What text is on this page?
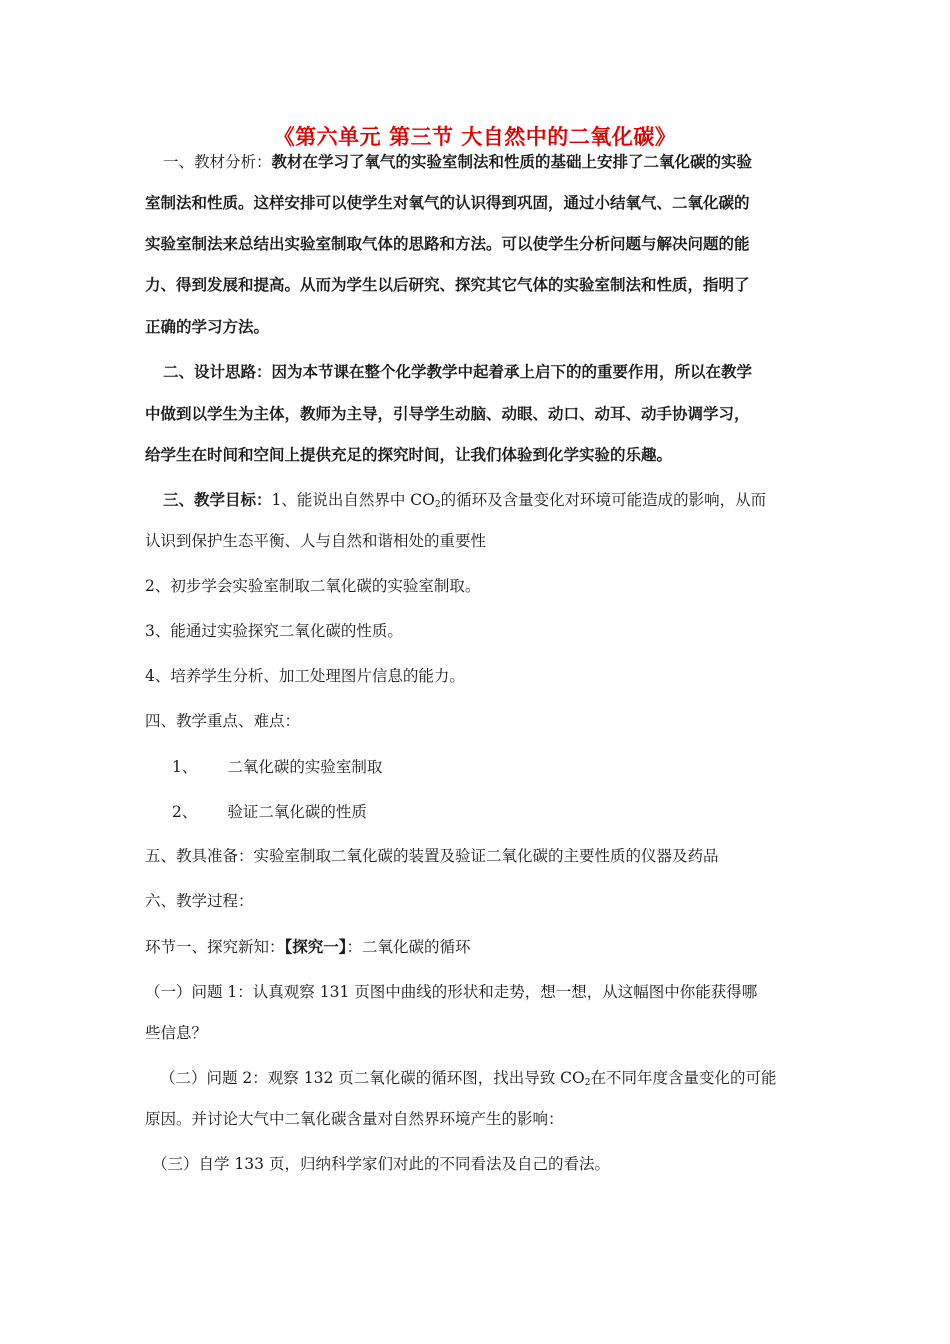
《第六单元 第三节 大自然中的二氧化碳》
一、教材分析：教材在学习了氧气的实验室制法和性质的基础上安排了二氧化碳的实验
室制法和性质。这样安排可以使学生对氧气的认识得到巩固，通过小结氧气、二氧化碳的
实验室制法来总结出实验室制取气体的思路和方法。可以使学生分析问题与解决问题的能
力、得到发展和提高。从而为学生以后研究、探究其它气体的实验室制法和性质，指明了
正确的学习方法。
二、设计思路：因为本节课在整个化学教学中起着承上启下的的重要作用，所以在教学
中做到以学生为主体，教师为主导，引导学生动脑、动眼、动口、动耳、动手协调学习，
给学生在时间和空间上提供充足的探究时间，让我们体验到化学实验的乐趣。
三、教学目标：1、能说出自然界中 $CO_2$的循环及含量变化对环境可能造成的影响，从而
认识到保护生态平衡、人与自然和谐相处的重要性
2、初步学会实验室制取二氧化碳的实验室制取。
3、能通过实验探究二氧化碳的性质。
4、培养学生分析、加工处理图片信息的能力。
四、教学重点、难点：
1、 二氧化碳的实验室制取
2、 验证二氧化碳的性质
五、教具准备：实验室制取二氧化碳的装置及验证二氧化碳的主要性质的仪器及药品
六、教学过程：
环节一、探究新知：【探究一】：二氧化碳的循环
（一）问题 1：认真观察 131 页图中曲线的形状和走势，想一想，从这幅图中你能获得哪
些信息？
（二）问题 2：观察 132 页二氧化碳的循环图，找出导致 $CO_2$在不同年度含量变化的可能
原因。并讨论大气中二氧化碳含量对自然界环境产生的影响：
（三）自学 133 页，归纳科学家们对此的不同看法及自己的看法。
